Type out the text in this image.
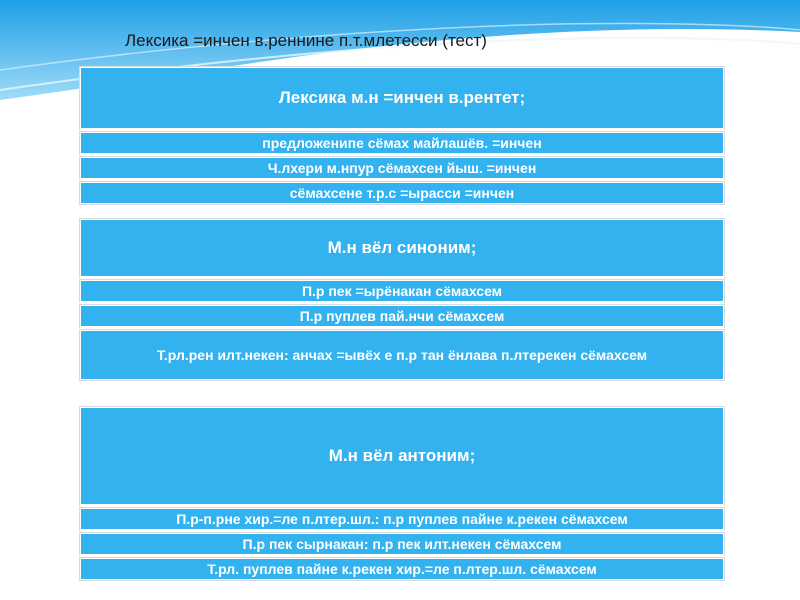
Лексика =инчен в.реннине п.т.млетесси (тест)
Лексика м.н =инчен в.рентет;
предложенипе сёмах майлашёв. =инчен
Ч.лхери м.нпур сёмахсен йыш. =инчен
сёмахсене т.р.с =ырасси =инчен
М.н вёл синоним;
П.р пек =ырёнакан сёмахсем
П.р пуплев пай.нчи сёмахсем
Т.рл.рен илт.некен: анчах =ывёх е п.р тан ёнлава п.лтерекен сёмахсем
М.н вёл антоним;
П.р-п.рне хир.=ле п.лтер.шл.: п.р пуплев пайне к.рекен сёмахсем
П.р пек сырнакан: п.р пек илт.некен сёмахсем
Т.рл. пуплев пайне к.рекен хир.=ле п.лтер.шл. сёмахсем
